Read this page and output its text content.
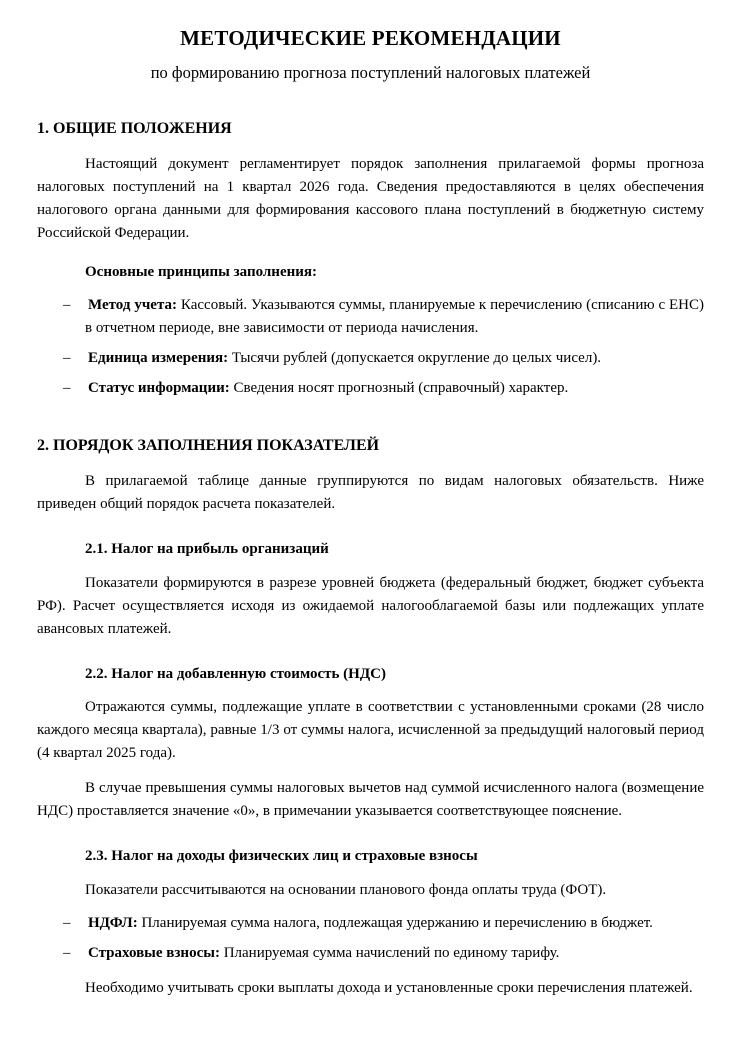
МЕТОДИЧЕСКИЕ РЕКОМЕНДАЦИИ
по формированию прогноза поступлений налоговых платежей
1. ОБЩИЕ ПОЛОЖЕНИЯ

Настоящий документ регламентирует порядок заполнения прилагаемой формы прогноза налоговых поступлений на 1 квартал 2026 года. Сведения предоставляются в целях обеспечения налогового органа данными для формирования кассового плана поступлений в бюджетную систему Российской Федерации.

Основные принципы заполнения:

– Метод учета: Кассовый. Указываются суммы, планируемые к перечислению (списанию с ЕНС) в отчетном периоде, вне зависимости от периода начисления.
– Единица измерения: Тысячи рублей (допускается округление до целых чисел).
– Статус информации: Сведения носят прогнозный (справочный) характер.
2. ПОРЯДОК ЗАПОЛНЕНИЯ ПОКАЗАТЕЛЕЙ

В прилагаемой таблице данные группируются по видам налоговых обязательств. Ниже приведен общий порядок расчета показателей.

2.1. Налог на прибыль организаций

Показатели формируются в разрезе уровней бюджета (федеральный бюджет, бюджет субъекта РФ). Расчет осуществляется исходя из ожидаемой налогооблагаемой базы или подлежащих уплате авансовых платежей.

2.2. Налог на добавленную стоимость (НДС)

Отражаются суммы, подлежащие уплате в соответствии с установленными сроками (28 число каждого месяца квартала), равные 1/3 от суммы налога, исчисленной за предыдущий налоговый период (4 квартал 2025 года).

В случае превышения суммы налоговых вычетов над суммой исчисленного налога (возмещение НДС) проставляется значение «0», в примечании указывается соответствующее пояснение.

2.3. Налог на доходы физических лиц и страховые взносы

Показатели рассчитываются на основании планового фонда оплаты труда (ФОТ).

– НДФЛ: Планируемая сумма налога, подлежащая удержанию и перечислению в бюджет.
– Страховые взносы: Планируемая сумма начислений по единому тарифу.

Необходимо учитывать сроки выплаты дохода и установленные сроки перечисления платежей.
